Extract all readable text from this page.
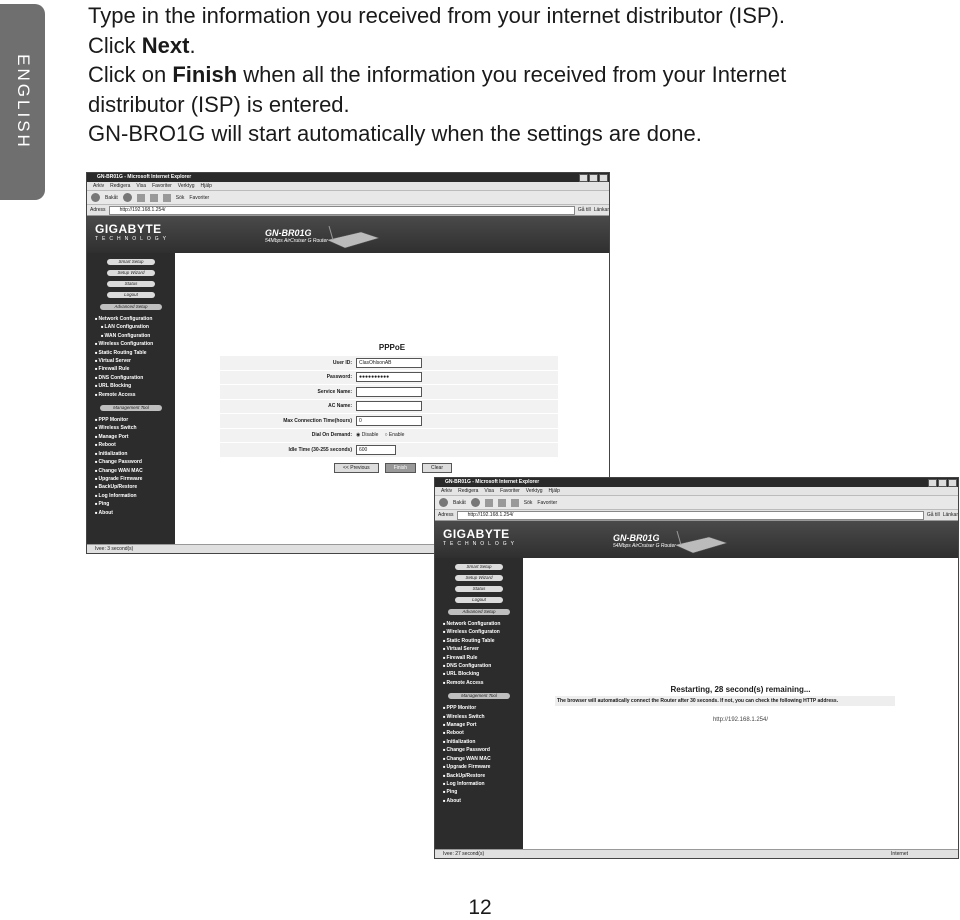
ENGLISH

Type in the information you received from your internet distributor (ISP).

Click Next.

Click on Finish when all the information you received from your Internet

distributor (ISP) is entered.

GN-BRO1G will start automatically when the settings are done.

GN-BR01G - Microsoft Internet Explorer
Arkiv Redigera Visa Favoriter Verktyg Hjälp
Bakåt	Sök Favoriter
Adress	http://192.168.1.254/	Gå till Länkar
GIGABYTE
TECHNOLOGY
GN-BR01G
54Mbps AirCruiser G Router
Smart Setup
Setup Wizard
Status
Logout
Advanced Setup
■ Network Configuration
■ LAN Configuration
■ WAN Configuration
■ Wireless Configuration
■ Static Routing Table
■ Virtual Server
■ Firewall Rule
■ DNS Configuration
■ URL Blocking
■ Remote Access
Management Tool
■ PPP Monitor
■ Wireless Switch
■ Manage Port
■ Reboot
■ Initialization
■ Change Password
■ Change WAN MAC
■ Upgrade Firmware
■ BackUp/Restore
■ Log Information
■ Ping
■ About
PPPoE
User ID:	ClasOhlsonAB
Password:	●●●●●●●●●●
Service Name:
AC Name:
Max Connection Time(hours)	0
Dial On Demand: ◉ Disable ○ Enable
Idle Time (30-255 seconds)	600
<< Previous	Finish	Clear
Ivee: 3 second(s)
GN-BR01G - Microsoft Internet Explorer
Arkiv Redigera Visa Favoriter Verktyg Hjälp
Bakåt	Sök Favoriter
Adress	http://192.168.1.254/	Gå till Länkar
GIGABYTE
TECHNOLOGY
GN-BR01G
54Mbps AirCruiser G Router
Smart Setup
Setup Wizard
Status
Logout
Advanced Setup
■ Network Configuration
■ Wireless Configuraton
■ Static Routing Table
■ Virtual Server
■ Firewall Rule
■ DNS Configuration
■ URL Blocking
■ Remote Access
Management Tool
■ PPP Monitor
■ Wireless Switch
■ Manage Port
■ Reboot
■ Initialization
■ Change Password
■ Change WAN MAC
■ Upgrade Firmware
■ BackUp/Restore
■ Log Information
■ Ping
■ About
Restarting, 28 second(s) remaining...
The browser will automatically connect the Router after 30 seconds. If not, you can check the following HTTP address.
http://192.168.1.254/
Ivee: 27 second(s)	Internet
12
